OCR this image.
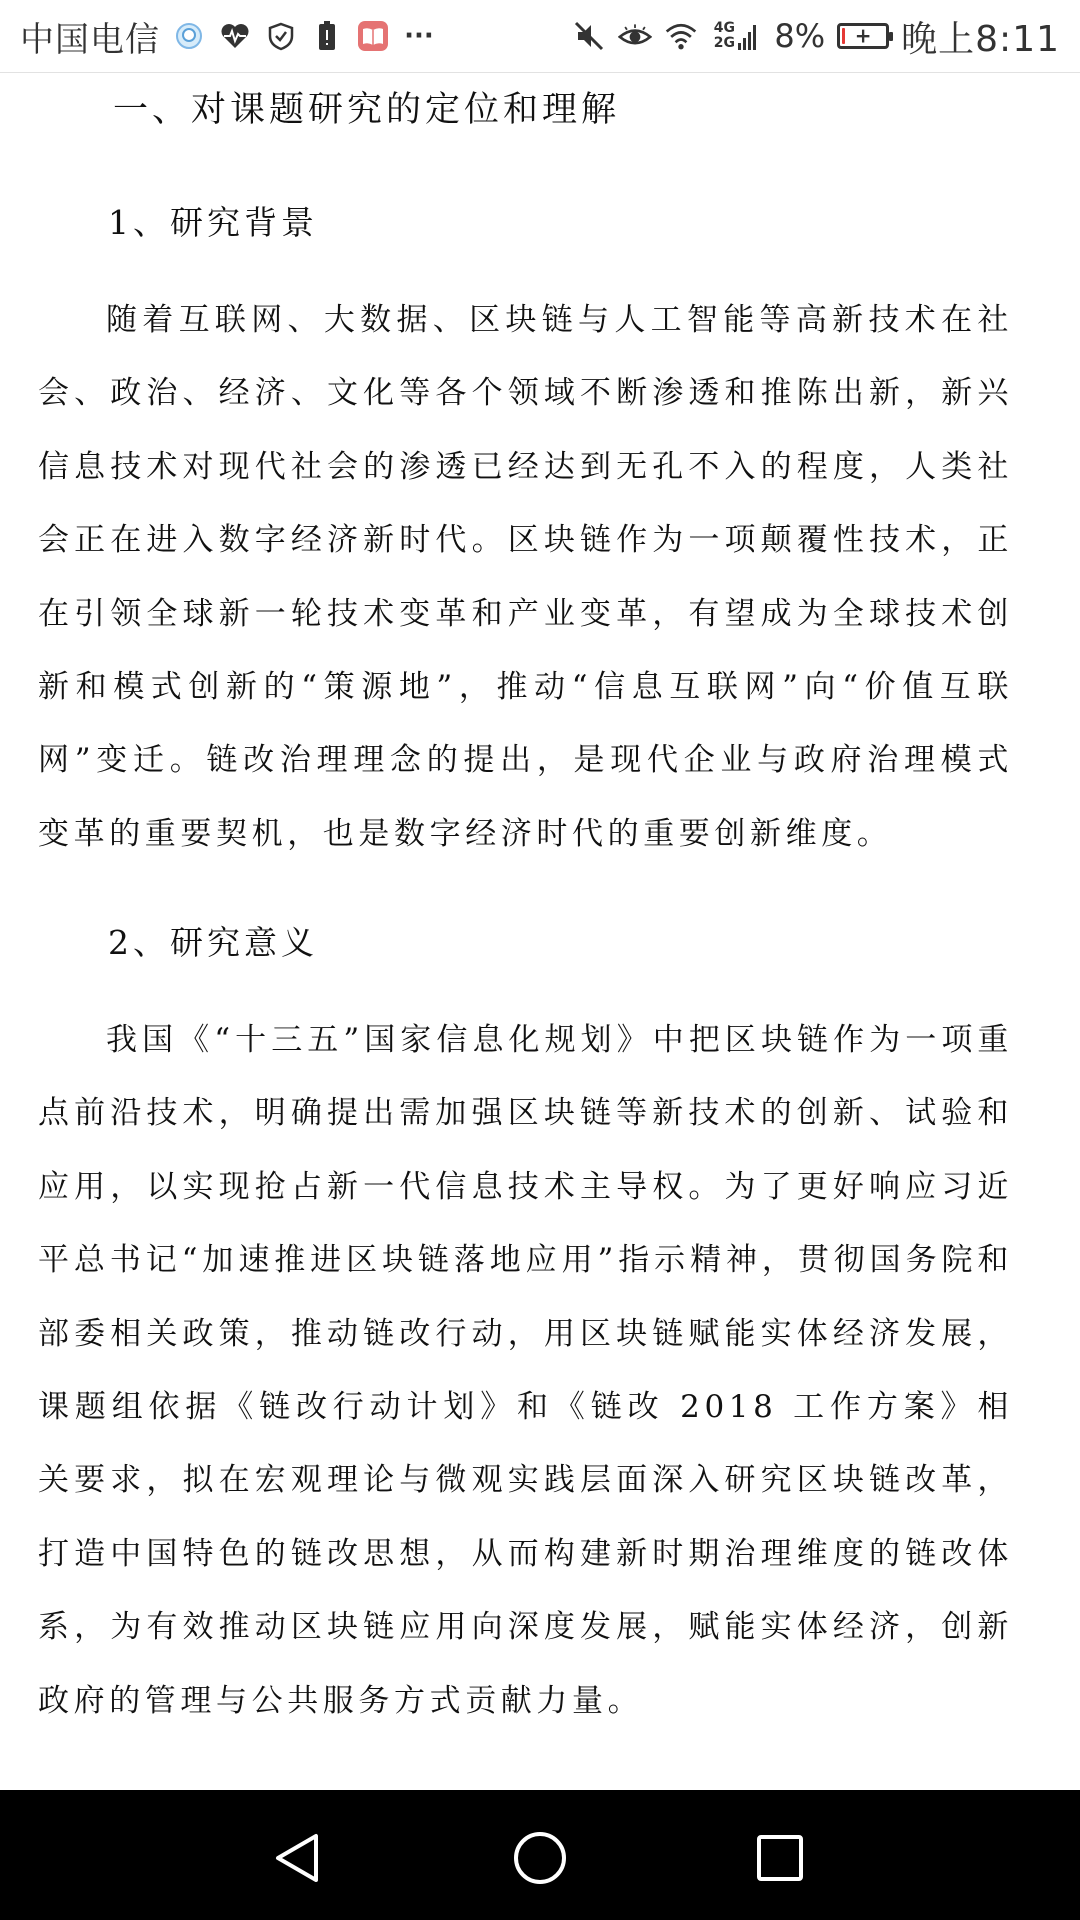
中国电信	···	4G
2G 8% + 晚上8:11
一、对课题研究的定位和理解
1、研究背景

随着互联网、大数据、区块链与人工智能等高新技术在社会、政治、经济、文化等各个领域不断渗透和推陈出新，新兴信息技术对现代社会的渗透已经达到无孔不入的程度，人类社会正在进入数字经济新时代。区块链作为一项颠覆性技术，正在引领全球新一轮技术变革和产业变革，有望成为全球技术创新和模式创新的“策源地”，推动“信息互联网”向“价值互联网”变迁。链改治理理念的提出，是现代企业与政府治理模式变革的重要契机，也是数字经济时代的重要创新维度。

2、研究意义

我国《“十三五”国家信息化规划》中把区块链作为一项重点前沿技术，明确提出需加强区块链等新技术的创新、试验和应用，以实现抢占新一代信息技术主导权。为了更好响应习近平总书记“加速推进区块链落地应用”指示精神，贯彻国务院和部委相关政策，推动链改行动，用区块链赋能实体经济发展，课题组依据《链改行动计划》和《链改 2018 工作方案》相关要求，拟在宏观理论与微观实践层面深入研究区块链改革，打造中国特色的链改思想，从而构建新时期治理维度的链改体系，为有效推动区块链应用向深度发展，赋能实体经济，创新政府的管理与公共服务方式贡献力量。
